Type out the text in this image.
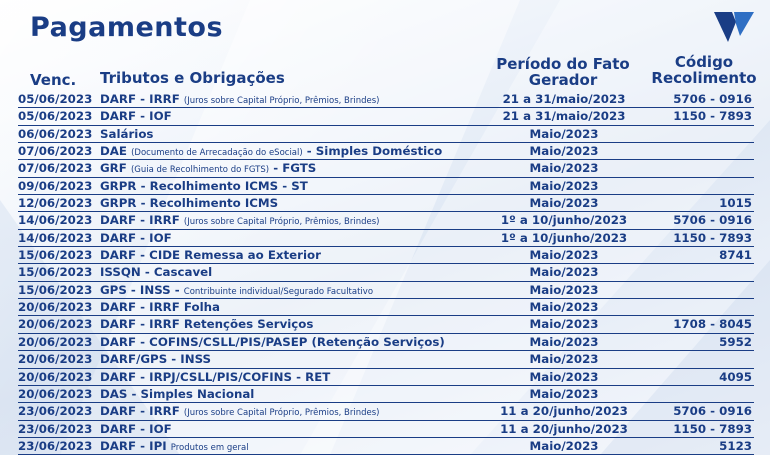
Pagamentos
Venc. Tributos e Obrigações
Período do Fato
Gerador
Código
Recolimento
05/06/2023 DARF - IRRF (Juros sobre Capital Próprio, Prêmios, Brindes)	21 a 31/maio/2023	5706 - 0916
05/06/2023 DARF - IOF	21 a 31/maio/2023	1150 - 7893
06/06/2023 Salários	Maio/2023
07/06/2023 DAE (Documento de Arrecadação do eSocial) - Simples Doméstico	Maio/2023
07/06/2023 GRF (Guia de Recolhimento do FGTS) - FGTS	Maio/2023
09/06/2023 GRPR - Recolhimento ICMS - ST	Maio/2023
12/06/2023 GRPR - Recolhimento ICMS	Maio/2023	1015
14/06/2023 DARF - IRRF (Juros sobre Capital Próprio, Prêmios, Brindes)	1º a 10/junho/2023	5706 - 0916
14/06/2023 DARF - IOF	1º a 10/junho/2023	1150 - 7893
15/06/2023 DARF - CIDE Remessa ao Exterior	Maio/2023	8741
15/06/2023 ISSQN - Cascavel	Maio/2023
15/06/2023 GPS - INSS - Contribuinte individual/Segurado Facultativo	Maio/2023
20/06/2023 DARF - IRRF Folha	Maio/2023
20/06/2023 DARF - IRRF Retenções Serviços	Maio/2023	1708 - 8045
20/06/2023 DARF - COFINS/CSLL/PIS/PASEP (Retenção Serviços)	Maio/2023	5952
20/06/2023 DARF/GPS - INSS	Maio/2023
20/06/2023 DARF - IRPJ/CSLL/PIS/COFINS - RET	Maio/2023	4095
20/06/2023 DAS - Simples Nacional	Maio/2023
23/06/2023 DARF - IRRF (Juros sobre Capital Próprio, Prêmios, Brindes)	11 a 20/junho/2023	5706 - 0916
23/06/2023 DARF - IOF	11 a 20/junho/2023	1150 - 7893
23/06/2023 DARF - IPI Produtos em geral	Maio/2023	5123
